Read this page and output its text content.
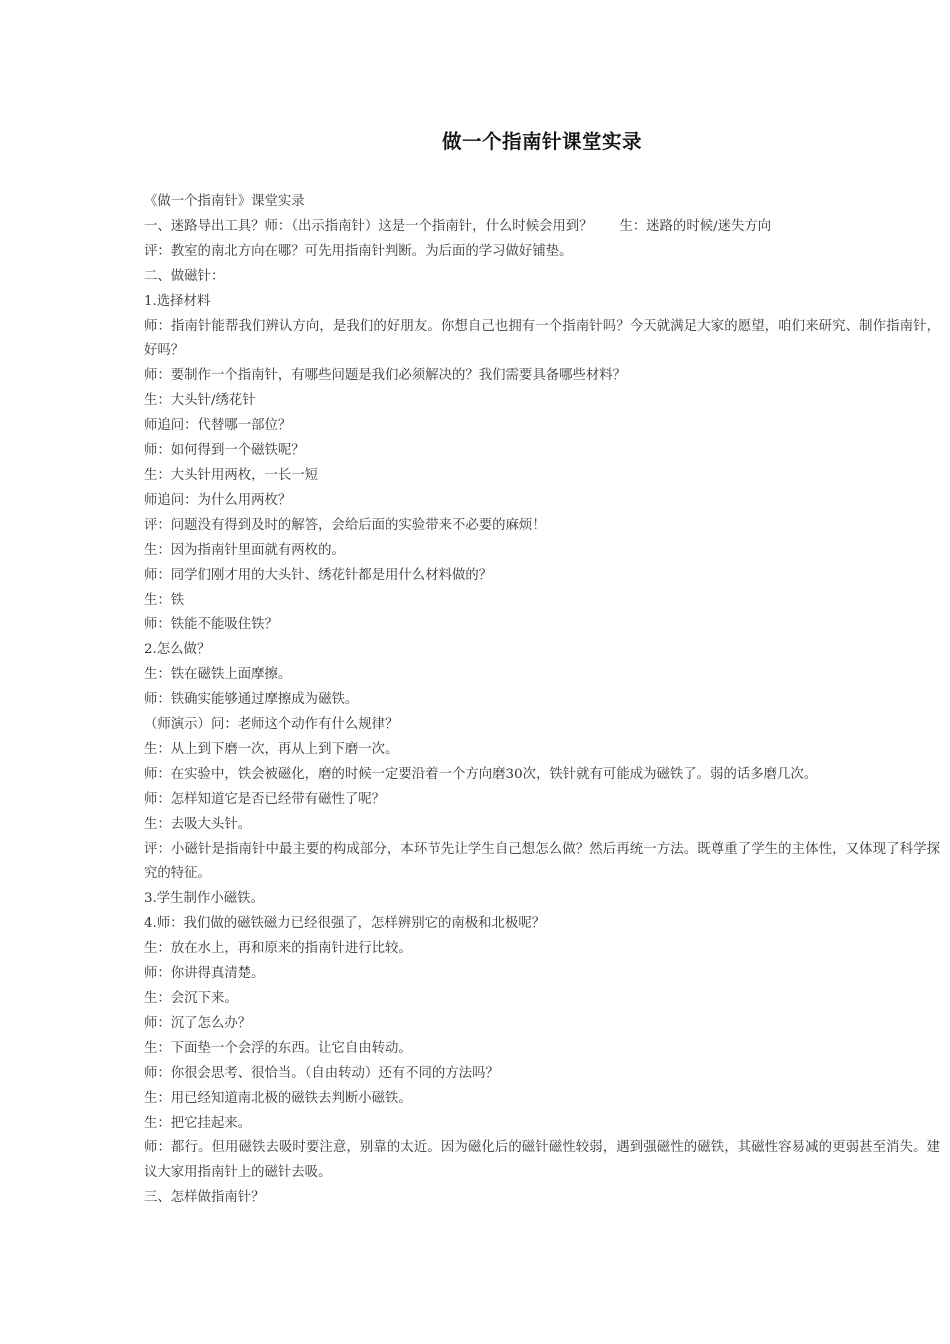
做一个指南针课堂实录

《做一个指南针》课堂实录

一、迷路导出工具？师：（出示指南针）这是一个指南针，什么时候会用到？　　生：迷路的时候/迷失方向

评：教室的南北方向在哪？可先用指南针判断。为后面的学习做好铺垫。

二、做磁针：

1.选择材料

师：指南针能帮我们辨认方向，是我们的好朋友。你想自己也拥有一个指南针吗？今天就满足大家的愿望，咱们来研究、制作指南针，好吗？

师：要制作一个指南针，有哪些问题是我们必须解决的？我们需要具备哪些材料？

生：大头针/绣花针

师追问：代替哪一部位？

师：如何得到一个磁铁呢？

生：大头针用两枚，一长一短

师追问：为什么用两枚？

评：问题没有得到及时的解答，会给后面的实验带来不必要的麻烦！

生：因为指南针里面就有两枚的。

师：同学们刚才用的大头针、绣花针都是用什么材料做的？

生：铁

师：铁能不能吸住铁？

2.怎么做？

生：铁在磁铁上面摩擦。

师：铁确实能够通过摩擦成为磁铁。

（师演示）问：老师这个动作有什么规律？

生：从上到下磨一次，再从上到下磨一次。

师：在实验中，铁会被磁化，磨的时候一定要沿着一个方向磨30次，铁针就有可能成为磁铁了。弱的话多磨几次。

师：怎样知道它是否已经带有磁性了呢？

生：去吸大头针。

评：小磁针是指南针中最主要的构成部分，本环节先让学生自己想怎么做？然后再统一方法。既尊重了学生的主体性，又体现了科学探究的特征。

3.学生制作小磁铁。

4.师：我们做的磁铁磁力已经很强了，怎样辨别它的南极和北极呢？

生：放在水上，再和原来的指南针进行比较。

师：你讲得真清楚。

生：会沉下来。

师：沉了怎么办？

生：下面垫一个会浮的东西。让它自由转动。

师：你很会思考、很恰当。（自由转动）还有不同的方法吗？

生：用已经知道南北极的磁铁去判断小磁铁。

生：把它挂起来。

师：都行。但用磁铁去吸时要注意，别靠的太近。因为磁化后的磁针磁性较弱，遇到强磁性的磁铁，其磁性容易减的更弱甚至消失。建议大家用指南针上的磁针去吸。

三、怎样做指南针？
